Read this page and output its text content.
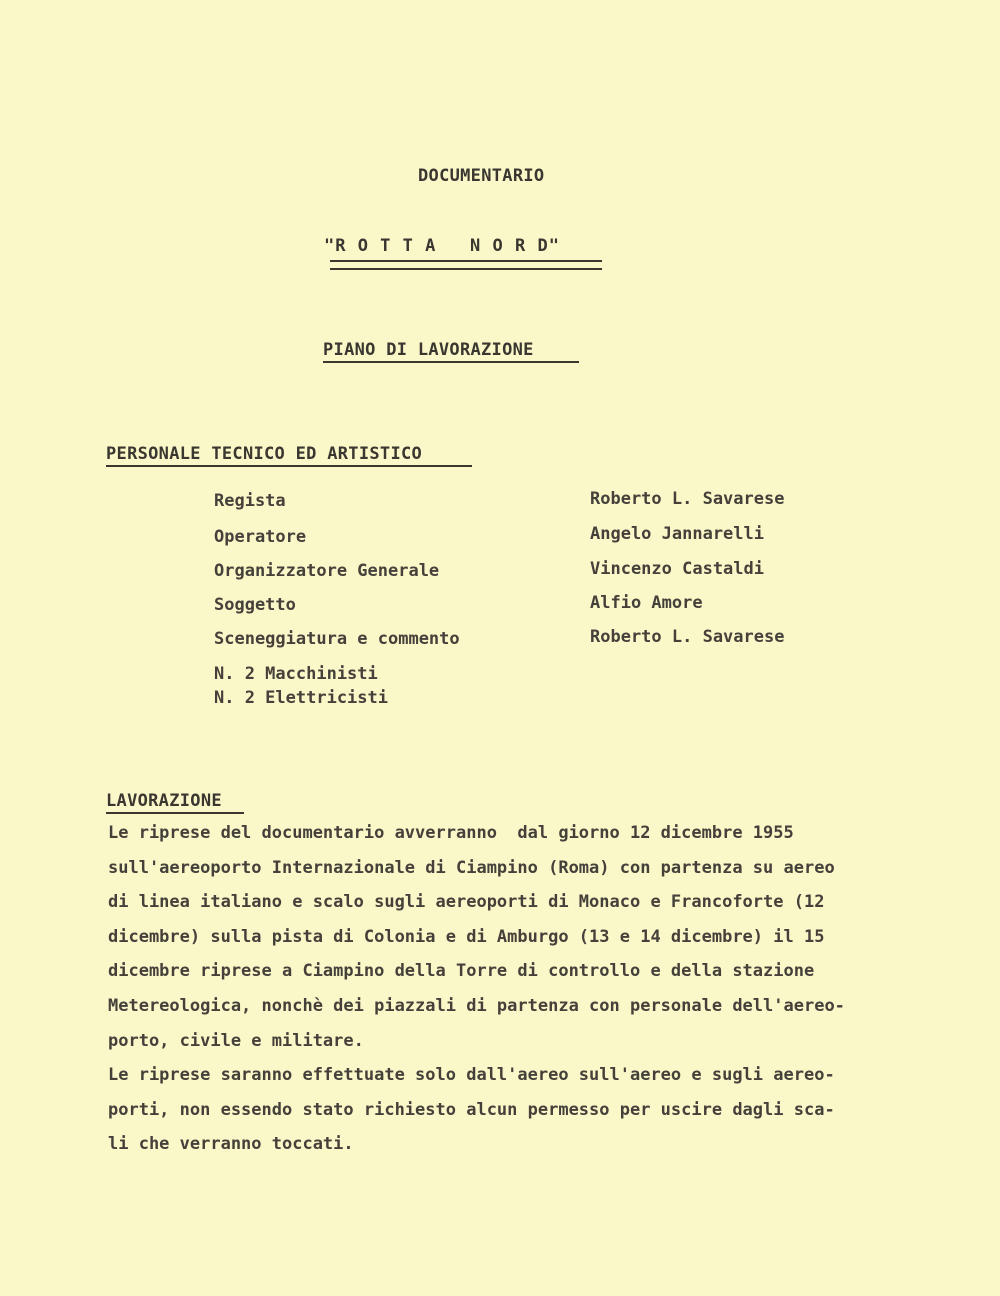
DOCUMENTARIO
"R O T T A   N O R D"
PIANO DI LAVORAZIONE
PERSONALE TECNICO ED ARTISTICO
Regista	Roberto L. Savarese
Operatore	Angelo Jannarelli
Organizzatore Generale	Vincenzo Castaldi
Soggetto	Alfio Amore
Sceneggiatura e commento	Roberto L. Savarese
N. 2 Macchinisti
N. 2 Elettricisti
LAVORAZIONE

Le riprese del documentario avverranno  dal giorno 12 dicembre 1955

sull'aereoporto Internazionale di Ciampino (Roma) con partenza su aereo

di linea italiano e scalo sugli aereoporti di Monaco e Francoforte (12

dicembre) sulla pista di Colonia e di Amburgo (13 e 14 dicembre) il 15

dicembre riprese a Ciampino della Torre di controllo e della stazione

Metereologica, nonchè dei piazzali di partenza con personale dell'aereo-

porto, civile e militare.

Le riprese saranno effettuate solo dall'aereo sull'aereo e sugli aereo-

porti, non essendo stato richiesto alcun permesso per uscire dagli sca-

li che verranno toccati.
